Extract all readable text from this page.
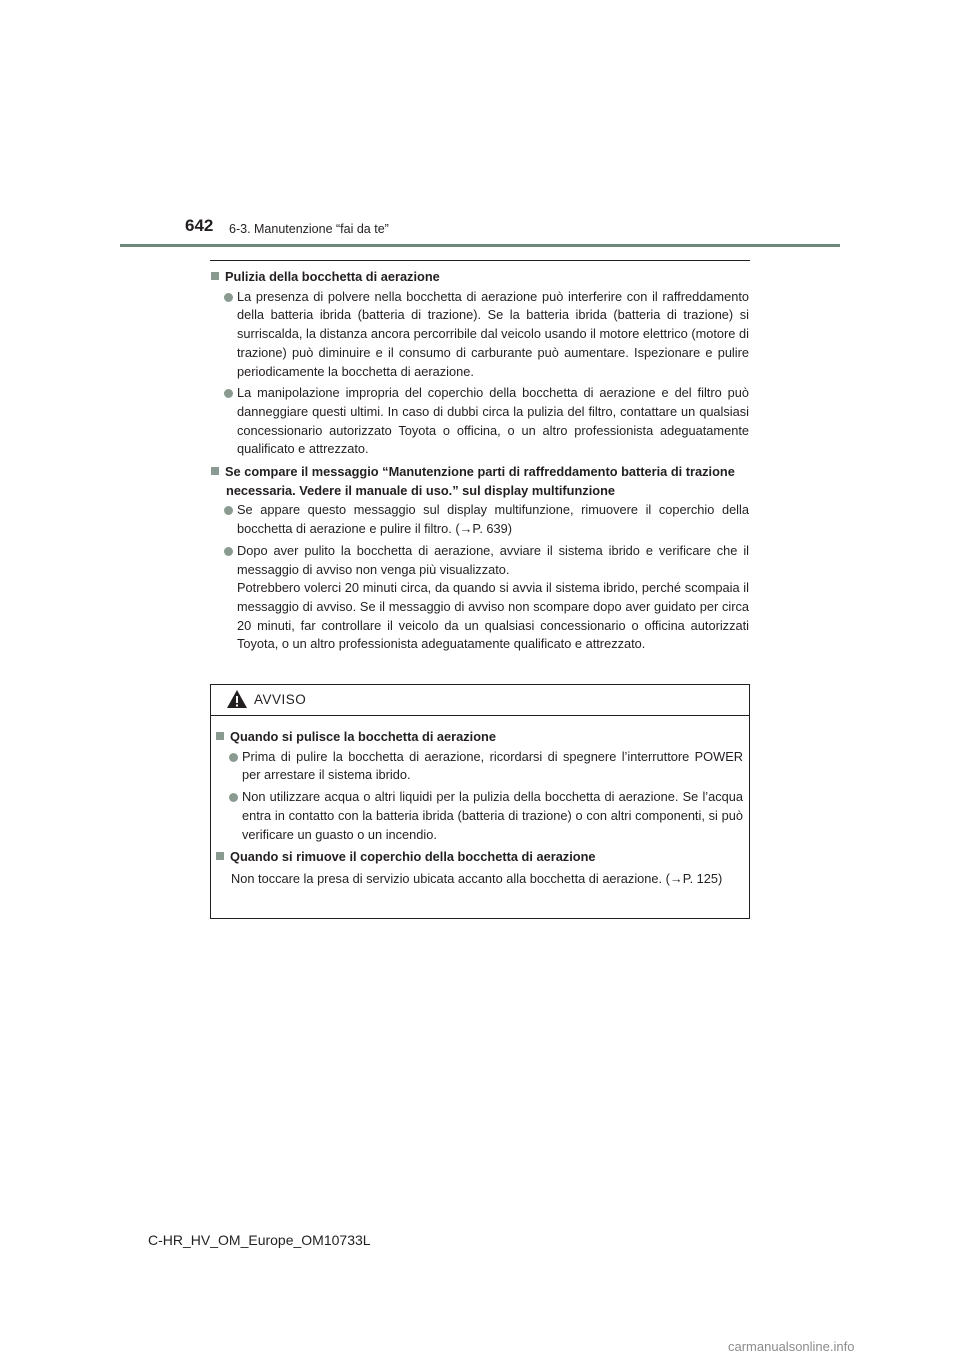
642 6-3. Manutenzione “fai da te”

Pulizia della bocchetta di aerazione

La presenza di polvere nella bocchetta di aerazione può interferire con il raffreddamento della batteria ibrida (batteria di trazione). Se la batteria ibrida (batteria di trazione) si surriscalda, la distanza ancora percorribile dal veicolo usando il motore elettrico (motore di trazione) può diminuire e il consumo di carburante può aumentare. Ispezionare e pulire periodicamente la bocchetta di aerazione.

La manipolazione impropria del coperchio della bocchetta di aerazione e del filtro può danneggiare questi ultimi. In caso di dubbi circa la pulizia del filtro, contattare un qualsiasi concessionario autorizzato Toyota o officina, o un altro professionista adeguatamente qualificato e attrezzato.

Se compare il messaggio “Manutenzione parti di raffreddamento batteria di trazione necessaria. Vedere il manuale di uso.” sul display multifunzione

Se appare questo messaggio sul display multifunzione, rimuovere il coperchio della bocchetta di aerazione e pulire il filtro. (→P. 639)

Dopo aver pulito la bocchetta di aerazione, avviare il sistema ibrido e verificare che il messaggio di avviso non venga più visualizzato.

Potrebbero volerci 20 minuti circa, da quando si avvia il sistema ibrido, perché scompaia il messaggio di avviso. Se il messaggio di avviso non scompare dopo aver guidato per circa 20 minuti, far controllare il veicolo da un qualsiasi concessionario o officina autorizzati Toyota, o un altro professionista adeguatamente qualificato e attrezzato.

AVVISO

Quando si pulisce la bocchetta di aerazione

Prima di pulire la bocchetta di aerazione, ricordarsi di spegnere l’interruttore POWER per arrestare il sistema ibrido.

Non utilizzare acqua o altri liquidi per la pulizia della bocchetta di aerazione. Se l’acqua entra in contatto con la batteria ibrida (batteria di trazione) o con altri componenti, si può verificare un guasto o un incendio.

Quando si rimuove il coperchio della bocchetta di aerazione

Non toccare la presa di servizio ubicata accanto alla bocchetta di aerazione. (→P. 125)
C-HR_HV_OM_Europe_OM10733L
carmanualsonline.info
